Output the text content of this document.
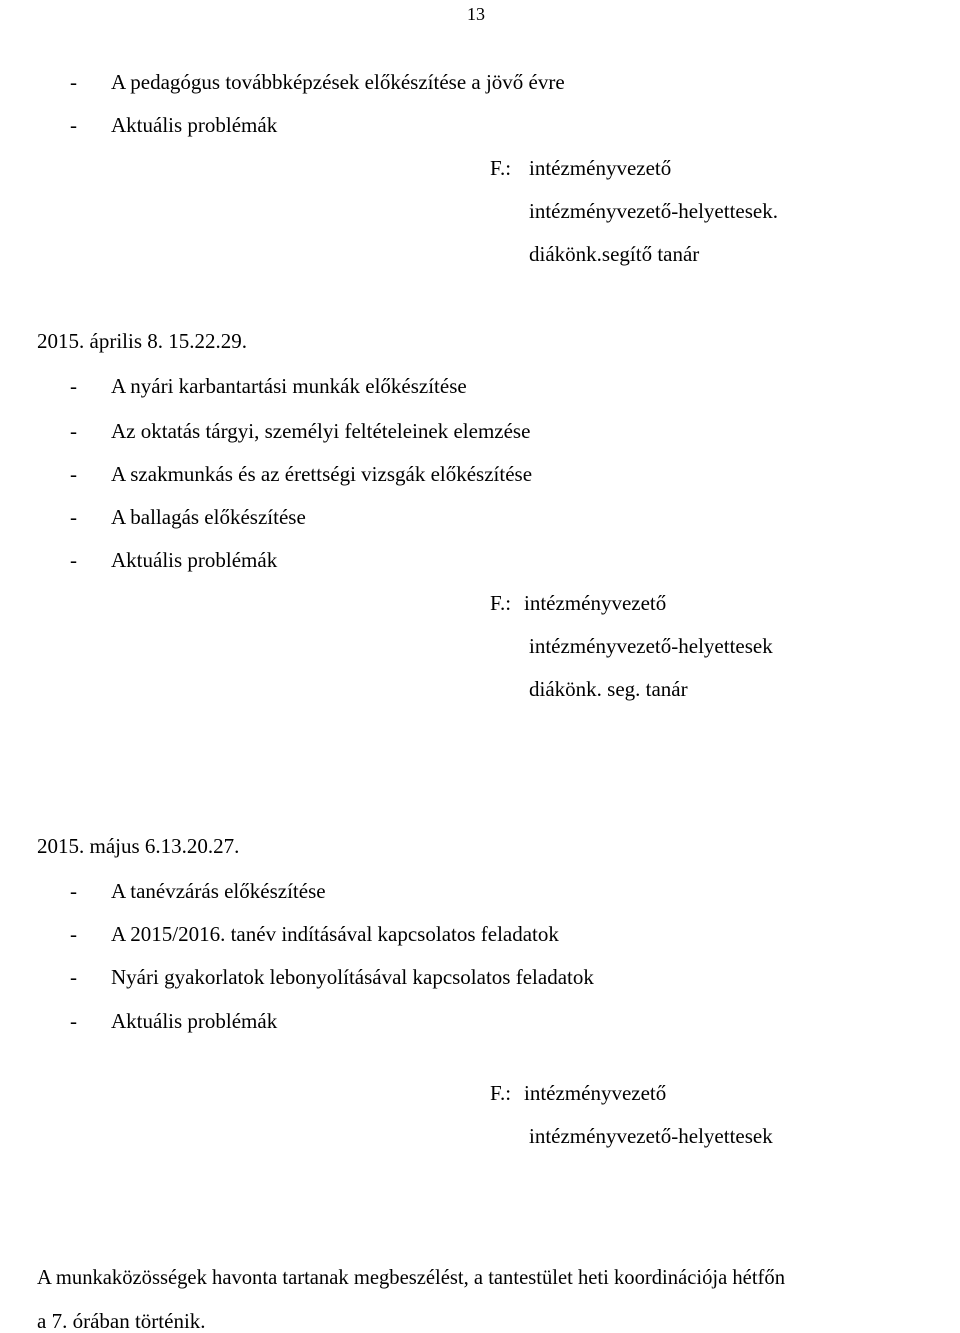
13
- A pedagógus továbbképzések előkészítése a jövő évre
- Aktuális problémák
F.: intézményvezető
intézményvezető-helyettesek.
diákönk.segítő tanár
2015. április 8. 15.22.29.
- A nyári karbantartási munkák előkészítése
- Az oktatás tárgyi, személyi feltételeinek elemzése
- A szakmunkás és az érettségi vizsgák előkészítése
- A ballagás előkészítése
- Aktuális problémák
F.: intézményvezető
intézményvezető-helyettesek
diákönk. seg. tanár
2015. május 6.13.20.27.
- A tanévzárás előkészítése
- A 2015/2016. tanév indításával kapcsolatos feladatok
- Nyári gyakorlatok lebonyolításával kapcsolatos feladatok
- Aktuális problémák
F.: intézményvezető
intézményvezető-helyettesek
A munkaközösségek havonta tartanak megbeszélést, a tantestület heti koordinációja hétfőn
a 7. órában történik.
